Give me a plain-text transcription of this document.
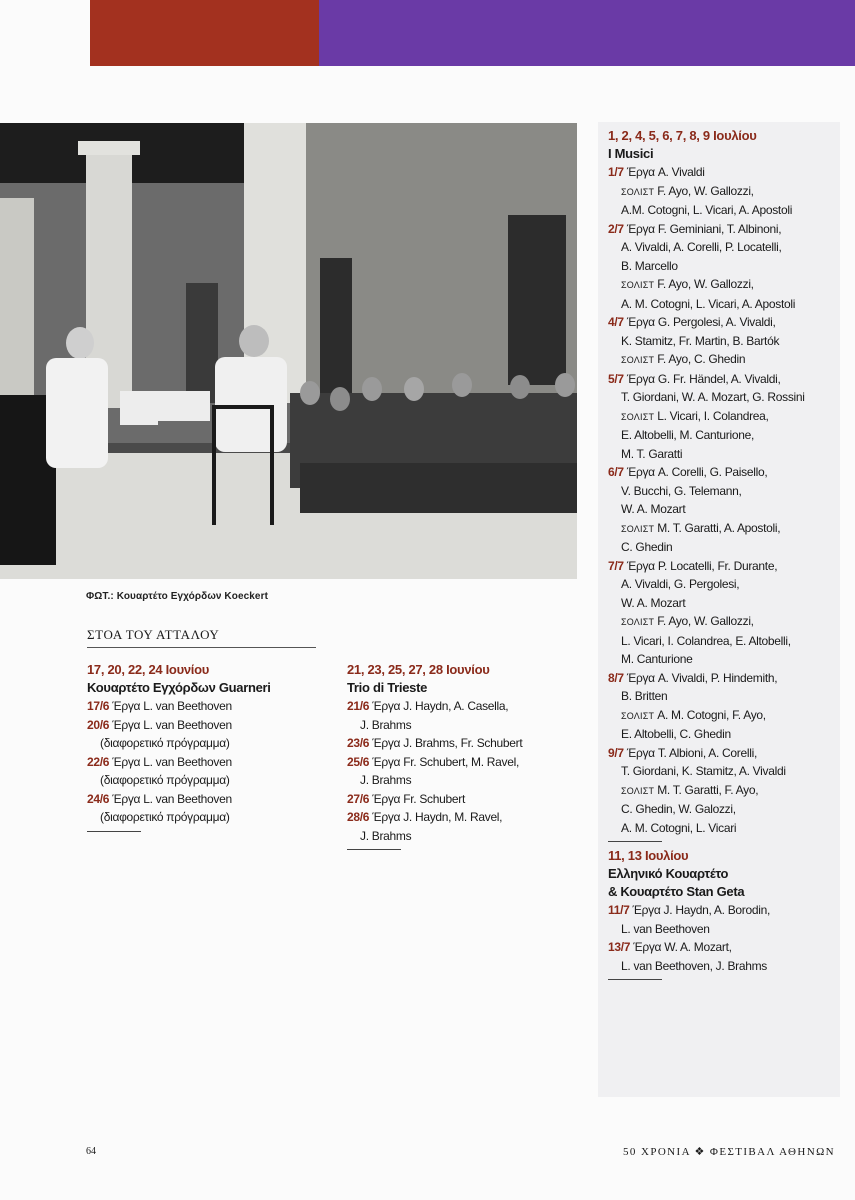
ΦΩΤ.: Κουαρτέτο Εγχόρδων Koeckert
ΣΤΟΑ ΤΟΥ ΑΤΤΑΛΟΥ
17, 20, 22, 24 Ιουνίου
Κουαρτέτο Εγχόρδων Guarneri
17/6 Έργα L. van Beethoven
20/6 Έργα L. van Beethoven
(διαφορετικό πρόγραμμα)
22/6 Έργα L. van Beethoven
(διαφορετικό πρόγραμμα)
24/6 Έργα L. van Beethoven
(διαφορετικό πρόγραμμα)
21, 23, 25, 27, 28 Ιουνίου
Trio di Trieste
21/6 Έργα J. Haydn, A. Casella,
J. Brahms
23/6 Έργα J. Brahms, Fr. Schubert
25/6 Έργα Fr. Schubert, M. Ravel,
J. Brahms
27/6 Έργα Fr. Schubert
28/6 Έργα J. Haydn, M. Ravel,
J. Brahms
1, 2, 4, 5, 6, 7, 8, 9 Ιουλίου
I Musici
1/7 Έργα A. Vivaldi
ΣΟΛΙΣΤ F. Ayo, W. Gallozzi,
A.M. Cotogni, L. Vicari, A. Apostoli
2/7 Έργα F. Geminiani, T. Albinoni,
A. Vivaldi, A. Corelli, P. Locatelli,
B. Marcello
ΣΟΛΙΣΤ F. Ayo, W. Gallozzi,
A. M. Cotogni, L. Vicari, A. Apostoli
4/7 Έργα G. Pergolesi, A. Vivaldi,
K. Stamitz, Fr. Martin, B. Bartók
ΣΟΛΙΣΤ F. Ayo, C. Ghedin
5/7 Έργα G. Fr. Händel, A. Vivaldi,
T. Giordani, W. A. Mozart, G. Rossini
ΣΟΛΙΣΤ L. Vicari, I. Colandrea,
E. Altobelli, M. Canturione,
M. T. Garatti
6/7 Έργα A. Corelli, G. Paisello,
V. Bucchi, G. Telemann,
W. A. Mozart
ΣΟΛΙΣΤ M. T. Garatti, A. Apostoli,
C. Ghedin
7/7 Έργα P. Locatelli, Fr. Durante,
A. Vivaldi, G. Pergolesi,
W. A. Mozart
ΣΟΛΙΣΤ F. Ayo, W. Gallozzi,
L. Vicari, I. Colandrea, E. Altobelli,
M. Canturione
8/7 Έργα A. Vivaldi, P. Hindemith,
B. Britten
ΣΟΛΙΣΤ A. M. Cotogni, F. Ayo,
E. Altobelli, C. Ghedin
9/7 Έργα T. Albioni, A. Corelli,
T. Giordani, K. Stamitz, A. Vivaldi
ΣΟΛΙΣΤ M. T. Garatti, F. Ayo,
C. Ghedin, W. Galozzi,
A. M. Cotogni, L. Vicari
11, 13 Ιουλίου
Ελληνικό Κουαρτέτο
& Κουαρτέτο Stan Geta
11/7 Έργα J. Haydn, A. Borodin,
L. van Beethoven
13/7 Έργα W. A. Mozart,
L. van Beethoven, J. Brahms
64	50 ΧΡΟΝΙΑ ❖ ΦΕΣΤΙΒΑΛ ΑΘΗΝΩΝ
